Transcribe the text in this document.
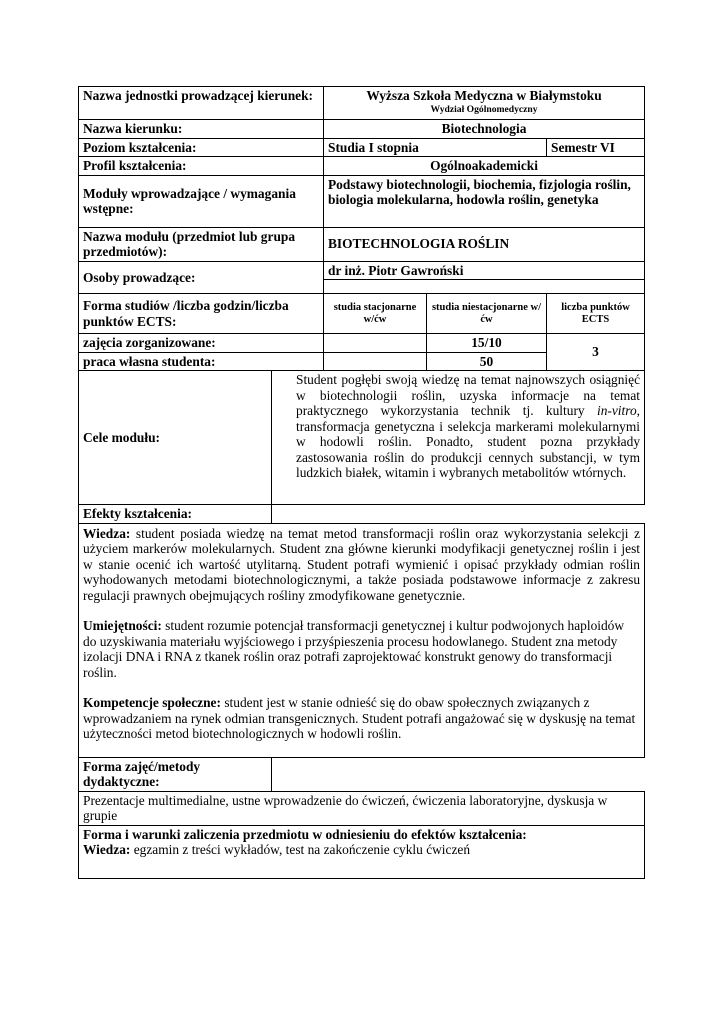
Nazwa jednostki prowadzącej kierunek:		Wyższa Szkoła Medyczna w Białymstoku
Wydział Ogólnomedyczny		

Nazwa kierunku:		Biotechnologia		
Poziom kształcenia:		Studia I stopnia		Semestr VI
Profil kształcenia:		Ogólnoakademicki		
Moduły wprowadzające / wymagania wstępne:		Podstawy biotechnologii, biochemia, fizjologia roślin, biologia molekularna, hodowla roślin, genetyka		
Nazwa modułu (przedmiot lub grupa przedmiotów):		BIOTECHNOLOGIA ROŚLIN		
Osoby prowadzące:		dr inż. Piotr Gawroński		

Forma studiów /liczba godzin/liczba punktów ECTS:		studia stacjonarne w/ćw	studia niestacjonarne w/ćw	liczba punktów ECTS
zajęcia zorganizowane:			15/10	3
praca własna studenta:			50	
Cele modułu:	Student pogłębi swoją wiedzę na temat najnowszych osiągnięć w biotechnologii roślin, uzyska informacje na temat praktycznego wykorzystania technik tj. kultury in-vitro, transformacja genetyczna i selekcja markerami molekularnymi w hodowli roślin. Ponadto, student pozna przykłady zastosowania roślin do produkcji cennych substancji, w tym ludzkich białek, witamin i wybranych metabolitów wtórnych.			
Efekty kształcenia:				

Wiedza: student posiada wiedzę na temat metod transformacji roślin oraz wykorzystania selekcji z użyciem markerów molekularnych. Student zna główne kierunki modyfikacji genetycznej roślin i jest w stanie ocenić ich wartość utylitarną. Student potrafi wymienić i opisać przykłady odmian roślin wyhodowanych metodami biotechnologicznymi, a także posiada podstawowe informacje z zakresu regulacji prawnych obejmujących rośliny zmodyfikowane genetycznie.

Umiejętności: student rozumie potencjał transformacji genetycznej i kultur podwojonych haploidów do uzyskiwania materiału wyjściowego i przyśpieszenia procesu hodowlanego. Student zna metody izolacji DNA i RNA z tkanek roślin oraz potrafi zaprojektować konstrukt genowy do transformacji roślin.

Kompetencje społeczne: student jest w stanie odnieść się do obaw społecznych związanych z wprowadzaniem na rynek odmian transgenicznych. Student potrafi angażować się w dyskusję na temat użyteczności metod biotechnologicznych w hodowli roślin.				

Forma zajęć/metody dydaktyczne:				
Prezentacje multimedialne, ustne wprowadzenie do ćwiczeń, ćwiczenia laboratoryjne, dyskusja w grupie				

Forma i warunki zaliczenia przedmiotu w odniesieniu do efektów kształcenia:
Wiedza: egzamin z treści wykładów, test na zakończenie cyklu ćwiczeń				
